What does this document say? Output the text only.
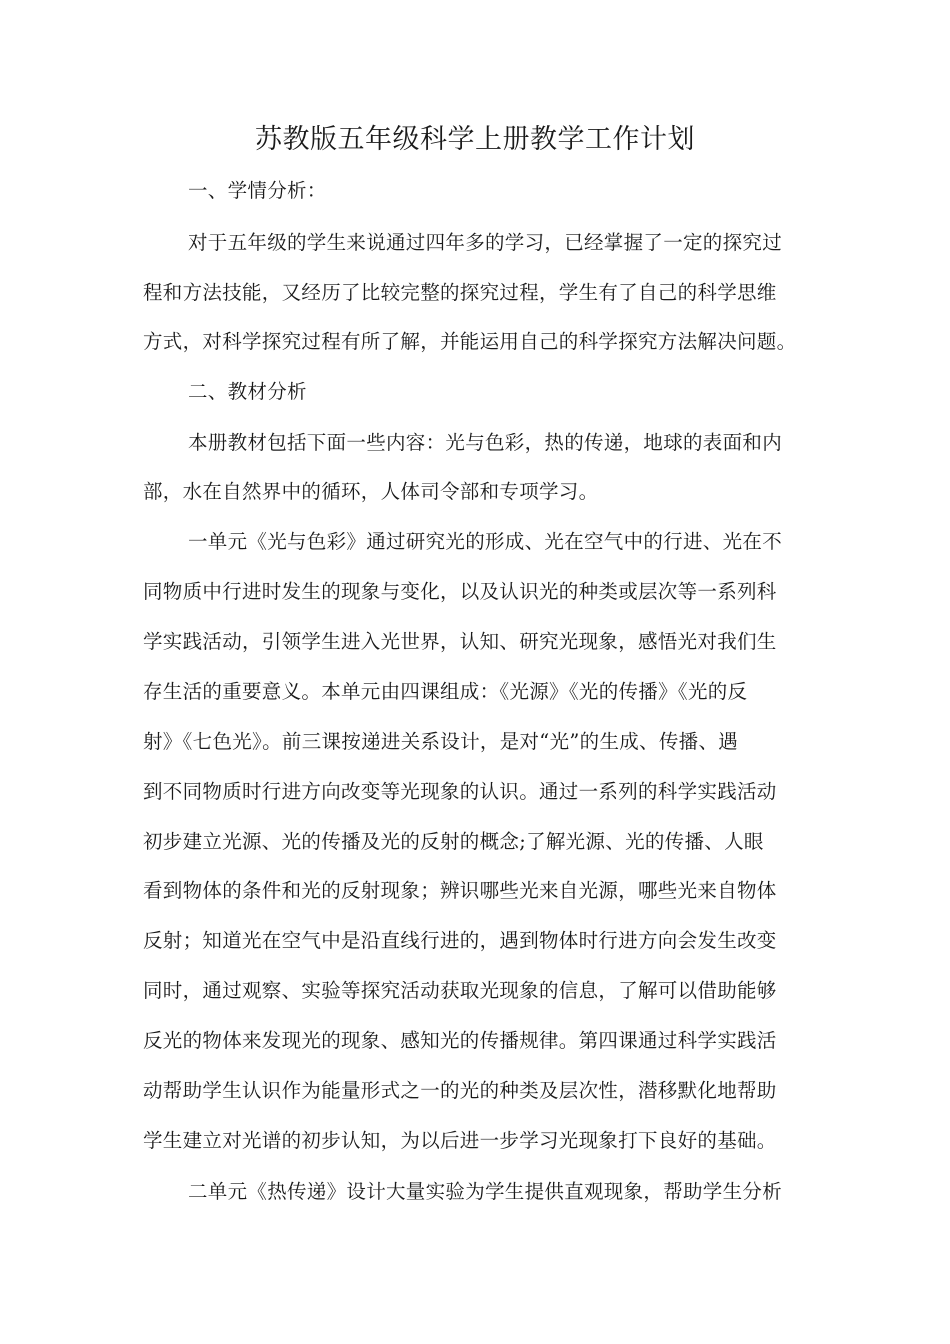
苏教版五年级科学上册教学工作计划
一、学情分析：
对于五年级的学生来说通过四年多的学习，已经掌握了一定的探究过
程和方法技能，又经历了比较完整的探究过程，学生有了自己的科学思维
方式，对科学探究过程有所了解，并能运用自己的科学探究方法解决问题。
二、教材分析
本册教材包括下面一些内容：光与色彩，热的传递，地球的表面和内
部，水在自然界中的循环，人体司令部和专项学习。
一单元《光与色彩》通过研究光的形成、光在空气中的行进、光在不
同物质中行进时发生的现象与变化，以及认识光的种类或层次等一系列科
学实践活动，引领学生进入光世界，认知、研究光现象，感悟光对我们生
存生活的重要意义。本单元由四课组成：《光源》《光的传播》《光的反
射》《七色光》。前三课按递进关系设计，是对“光”的生成、传播、遇
到不同物质时行进方向改变等光现象的认识。通过一系列的科学实践活动
初步建立光源、光的传播及光的反射的概念;了解光源、光的传播、人眼
看到物体的条件和光的反射现象；辨识哪些光来自光源，哪些光来自物体
反射；知道光在空气中是沿直线行进的，遇到物体时行进方向会发生改变
同时，通过观察、实验等探究活动获取光现象的信息，了解可以借助能够
反光的物体来发现光的现象、感知光的传播规律。第四课通过科学实践活
动帮助学生认识作为能量形式之一的光的种类及层次性，潜移默化地帮助
学生建立对光谱的初步认知，为以后进一步学习光现象打下良好的基础。
二单元《热传递》设计大量实验为学生提供直观现象，帮助学生分析
